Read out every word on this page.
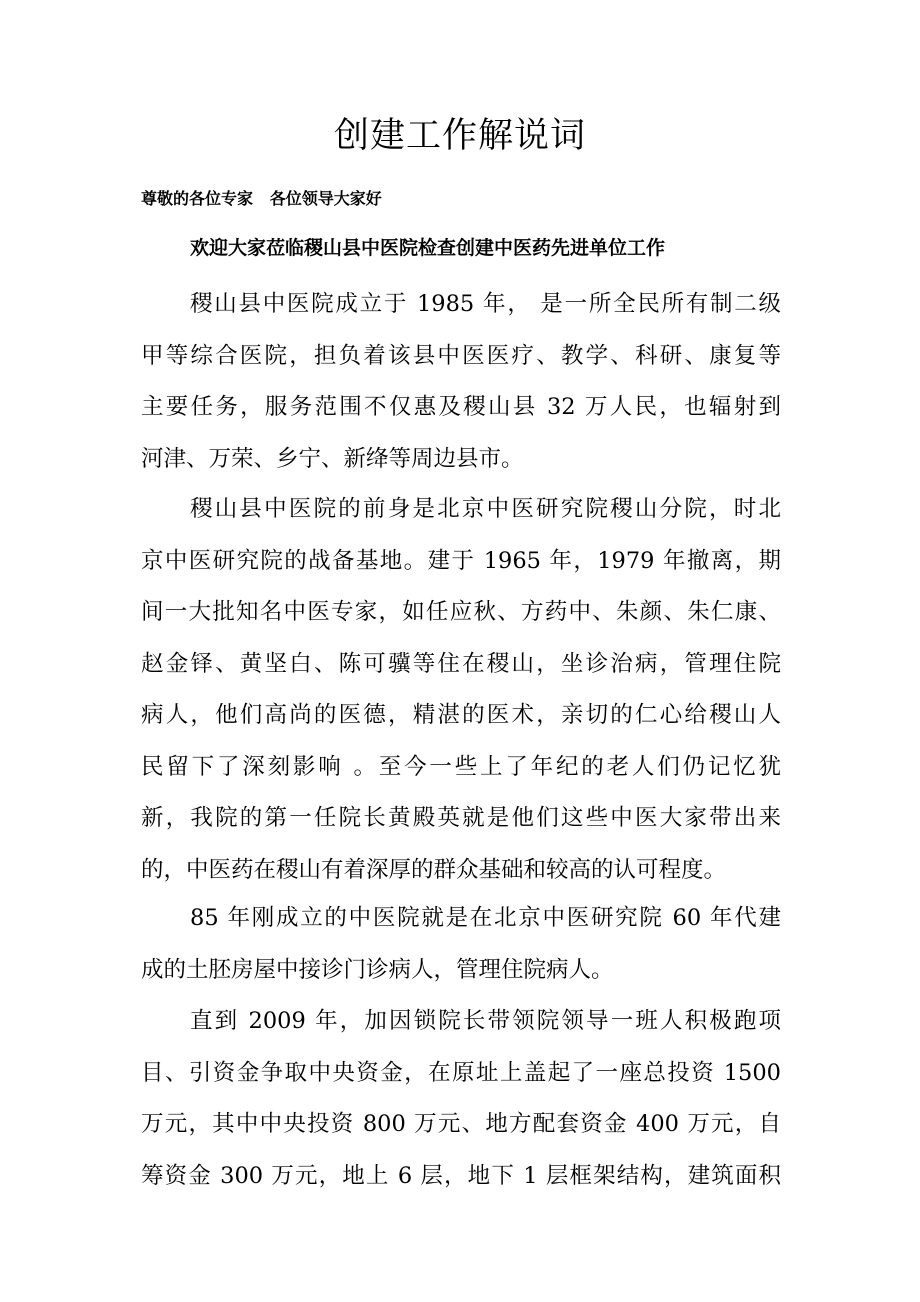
创建工作解说词
尊敬的各位专家   各位领导大家好
欢迎大家莅临稷山县中医院检查创建中医药先进单位工作
稷山县中医院成立于 1985 年， 是一所全民所有制二级
甲等综合医院，担负着该县中医医疗、教学、科研、康复等
主要任务，服务范围不仅惠及稷山县 32 万人民，也辐射到
河津、万荣、乡宁、新绛等周边县市。
稷山县中医院的前身是北京中医研究院稷山分院，时北
京中医研究院的战备基地。建于 1965 年，1979 年撤离，期
间一大批知名中医专家，如任应秋、方药中、朱颜、朱仁康、
赵金铎、黄坚白、陈可骥等住在稷山，坐诊治病，管理住院
病人，他们高尚的医德，精湛的医术，亲切的仁心给稷山人
民留下了深刻影响 。至今一些上了年纪的老人们仍记忆犹
新，我院的第一任院长黄殿英就是他们这些中医大家带出来
的，中医药在稷山有着深厚的群众基础和较高的认可程度。
85 年刚成立的中医院就是在北京中医研究院 60 年代建
成的土胚房屋中接诊门诊病人，管理住院病人。
直到 2009 年，加因锁院长带领院领导一班人积极跑项
目、引资金争取中央资金，在原址上盖起了一座总投资 1500
万元，其中中央投资 800 万元、地方配套资金 400 万元，自
筹资金 300 万元，地上 6 层，地下 1 层框架结构，建筑面积
